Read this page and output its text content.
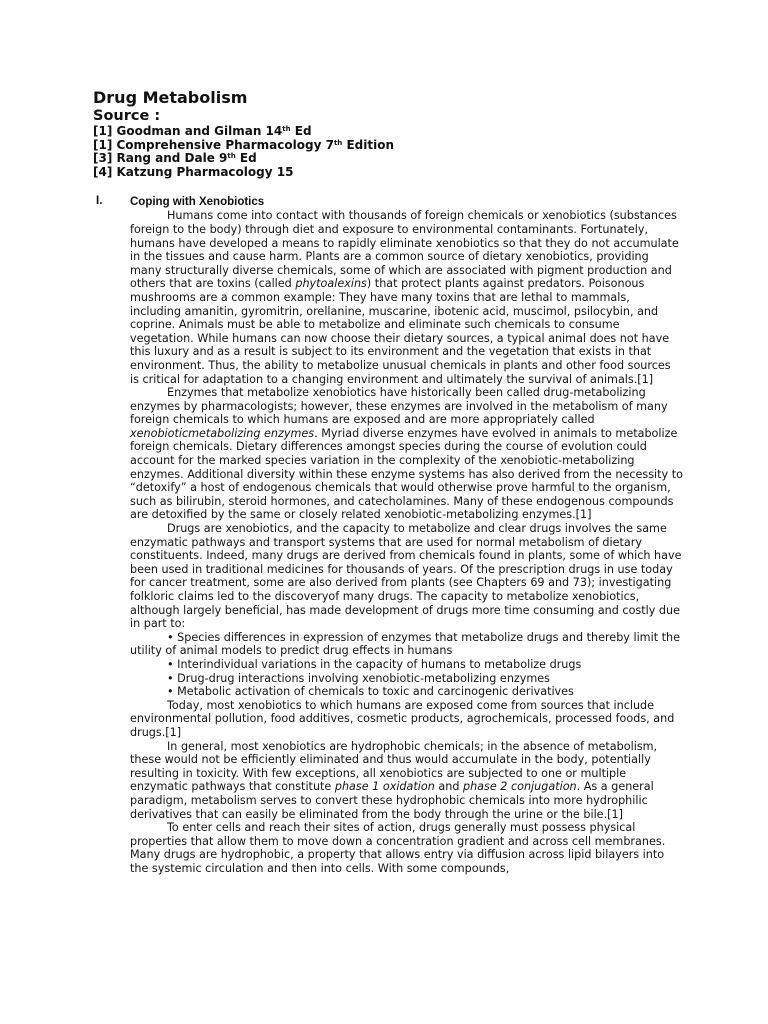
Drug Metabolism
Source :
[1] Goodman and Gilman 14th Ed
[1] Comprehensive Pharmacology 7th Edition
[3] Rang and Dale 9th Ed
[4] Katzung Pharmacology 15
I. Coping with Xenobiotics

Humans come into contact with thousands of foreign chemicals or xenobiotics (substances foreign to the body) through diet and exposure to environmental contaminants. Fortunately, humans have developed a means to rapidly eliminate xenobiotics so that they do not accumulate in the tissues and cause harm. Plants are a common source of dietary xenobiotics, providing many structurally diverse chemicals, some of which are associated with pigment production and others that are toxins (called phytoalexins) that protect plants against predators. Poisonous mushrooms are a common example: They have many toxins that are lethal to mammals, including amanitin, gyromitrin, orellanine, muscarine, ibotenic acid, muscimol, psilocybin, and coprine. Animals must be able to metabolize and eliminate such chemicals to consume vegetation. While humans can now choose their dietary sources, a typical animal does not have this luxury and as a result is subject to its environment and the vegetation that exists in that environment. Thus, the ability to metabolize unusual chemicals in plants and other food sources is critical for adaptation to a changing environment and ultimately the survival of animals.[1]

Enzymes that metabolize xenobiotics have historically been called drug-metabolizing enzymes by pharmacologists; however, these enzymes are involved in the metabolism of many foreign chemicals to which humans are exposed and are more appropriately called xenobioticmetabolizing enzymes. Myriad diverse enzymes have evolved in animals to metabolize foreign chemicals. Dietary differences amongst species during the course of evolution could account for the marked species variation in the complexity of the xenobiotic-metabolizing enzymes. Additional diversity within these enzyme systems has also derived from the necessity to “detoxify” a host of endogenous chemicals that would otherwise prove harmful to the organism, such as bilirubin, steroid hormones, and catecholamines. Many of these endogenous compounds are detoxified by the same or closely related xenobiotic-metabolizing enzymes.[1]

Drugs are xenobiotics, and the capacity to metabolize and clear drugs involves the same enzymatic pathways and transport systems that are used for normal metabolism of dietary constituents. Indeed, many drugs are derived from chemicals found in plants, some of which have been used in traditional medicines for thousands of years. Of the prescription drugs in use today for cancer treatment, some are also derived from plants (see Chapters 69 and 73); investigating folkloric claims led to the discoveryof many drugs. The capacity to metabolize xenobiotics, although largely beneficial, has made development of drugs more time consuming and costly due in part to:

• Species differences in expression of enzymes that metabolize drugs and thereby limit the utility of animal models to predict drug effects in humans

• Interindividual variations in the capacity of humans to metabolize drugs

• Drug-drug interactions involving xenobiotic-metabolizing enzymes

• Metabolic activation of chemicals to toxic and carcinogenic derivatives

Today, most xenobiotics to which humans are exposed come from sources that include environmental pollution, food additives, cosmetic products, agrochemicals, processed foods, and drugs.[1]

In general, most xenobiotics are hydrophobic chemicals; in the absence of metabolism, these would not be efficiently eliminated and thus would accumulate in the body, potentially resulting in toxicity. With few exceptions, all xenobiotics are subjected to one or multiple enzymatic pathways that constitute phase 1 oxidation and phase 2 conjugation. As a general paradigm, metabolism serves to convert these hydrophobic chemicals into more hydrophilic derivatives that can easily be eliminated from the body through the urine or the bile.[1]

To enter cells and reach their sites of action, drugs generally must possess physical properties that allow them to move down a concentration gradient and across cell membranes. Many drugs are hydrophobic, a property that allows entry via diffusion across lipid bilayers into the systemic circulation and then into cells. With some compounds,
